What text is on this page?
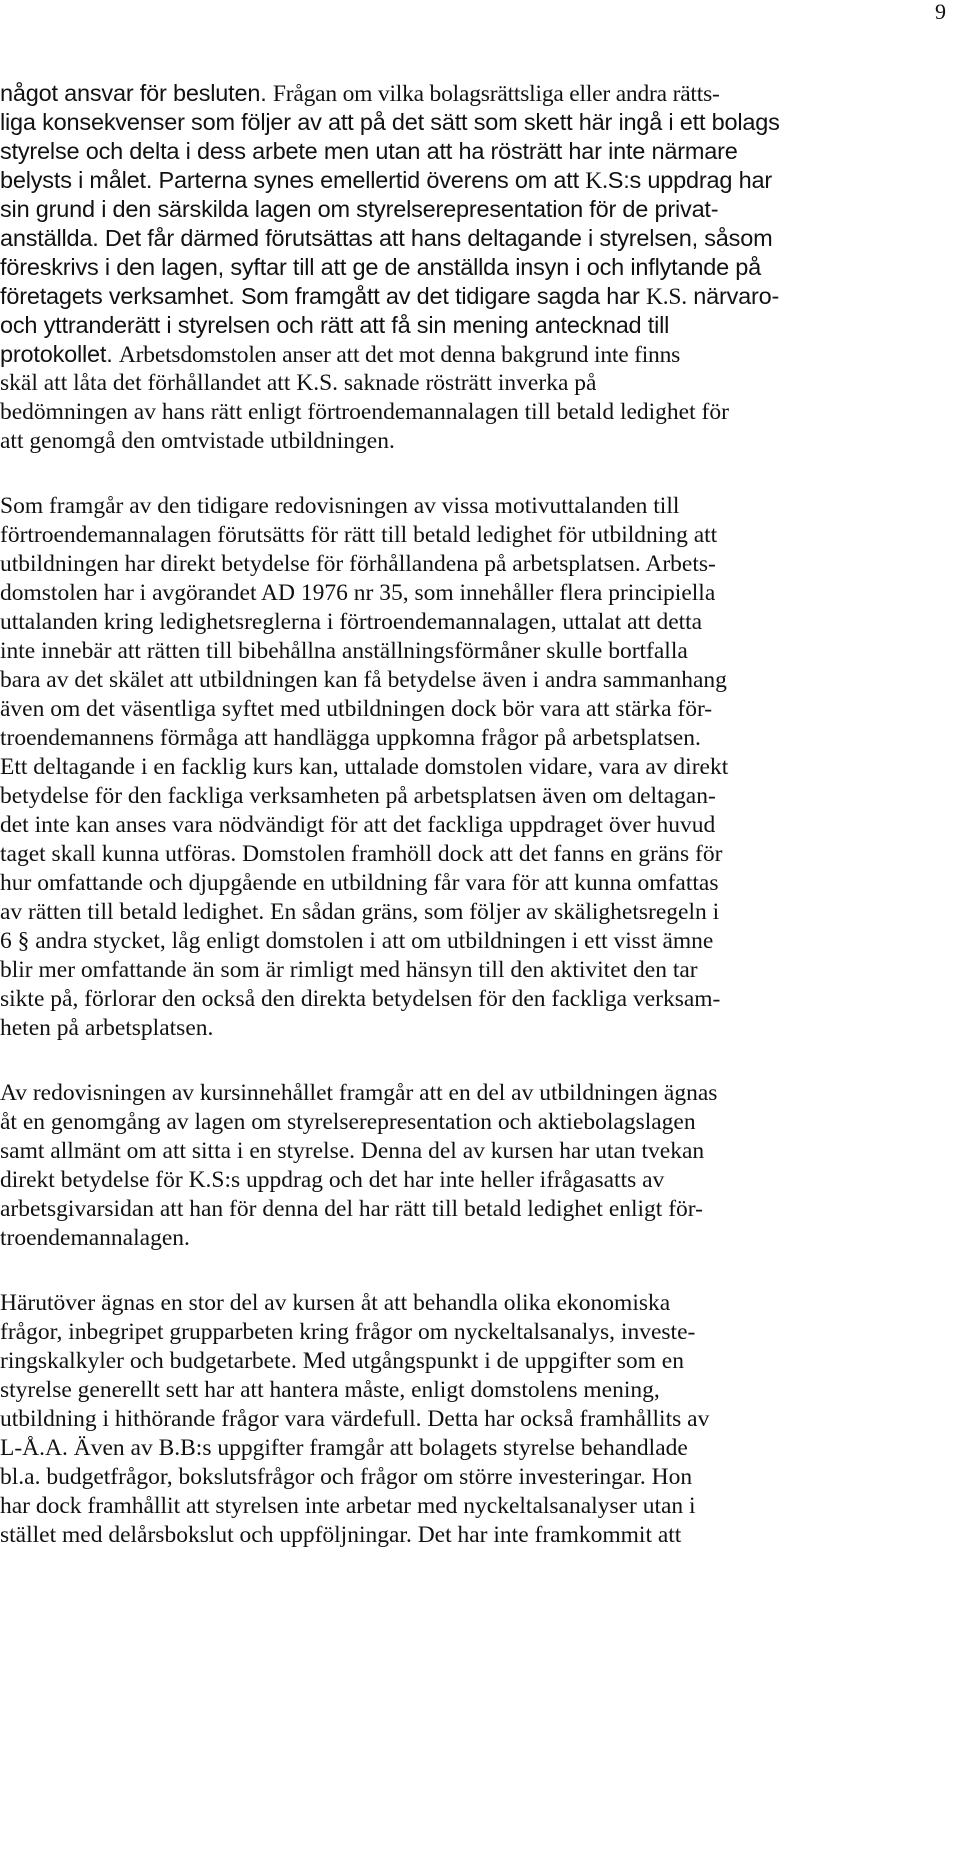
9
något ansvar för besluten. Frågan om vilka bolagsrättsliga eller andra rätts-
liga konsekvenser som följer av att på det sätt som skett här ingå i ett bolags
styrelse och delta i dess arbete men utan att ha rösträtt har inte närmare
belysts i målet. Parterna synes emellertid överens om att K.S:s uppdrag har
sin grund i den särskilda lagen om styrelserepresentation för de privat-
anställda. Det får därmed förutsättas att hans deltagande i styrelsen, såsom
föreskrivs i den lagen, syftar till att ge de anställda insyn i och inflytande på
företagets verksamhet. Som framgått av det tidigare sagda har K.S. närvaro-
och yttranderätt i styrelsen och rätt att få sin mening antecknad till
protokollet. Arbetsdomstolen anser att det mot denna bakgrund inte finns
skäl att låta det förhållandet att K.S. saknade rösträtt inverka på
bedömningen av hans rätt enligt förtroendemannalagen till betald ledighet för
att genomgå den omtvistade utbildningen.
Som framgår av den tidigare redovisningen av vissa motivuttalanden till
förtroendemannalagen förutsätts för rätt till betald ledighet för utbildning att
utbildningen har direkt betydelse för förhållandena på arbetsplatsen. Arbets-
domstolen har i avgörandet AD 1976 nr 35, som innehåller flera principiella
uttalanden kring ledighetsreglerna i förtroendemannalagen, uttalat att detta
inte innebär att rätten till bibehållna anställningsförmåner skulle bortfalla
bara av det skälet att utbildningen kan få betydelse även i andra sammanhang
även om det väsentliga syftet med utbildningen dock bör vara att stärka för-
troendemannens förmåga att handlägga uppkomna frågor på arbetsplatsen.
Ett deltagande i en facklig kurs kan, uttalade domstolen vidare, vara av direkt
betydelse för den fackliga verksamheten på arbetsplatsen även om deltagan-
det inte kan anses vara nödvändigt för att det fackliga uppdraget över huvud
taget skall kunna utföras. Domstolen framhöll dock att det fanns en gräns för
hur omfattande och djupgående en utbildning får vara för att kunna omfattas
av rätten till betald ledighet. En sådan gräns, som följer av skälighetsregeln i
6 § andra stycket, låg enligt domstolen i att om utbildningen i ett visst ämne
blir mer omfattande än som är rimligt med hänsyn till den aktivitet den tar
sikte på, förlorar den också den direkta betydelsen för den fackliga verksam-
heten på arbetsplatsen.
Av redovisningen av kursinnehållet framgår att en del av utbildningen ägnas
åt en genomgång av lagen om styrelserepresentation och aktiebolagslagen
samt allmänt om att sitta i en styrelse. Denna del av kursen har utan tvekan
direkt betydelse för K.S:s uppdrag och det har inte heller ifrågasatts av
arbetsgivarsidan att han för denna del har rätt till betald ledighet enligt för-
troendemannalagen.
Härutöver ägnas en stor del av kursen åt att behandla olika ekonomiska
frågor, inbegripet grupparbeten kring frågor om nyckeltalsanalys, investe-
ringskalkyler och budgetarbete. Med utgångspunkt i de uppgifter som en
styrelse generellt sett har att hantera måste, enligt domstolens mening,
utbildning i hithörande frågor vara värdefull. Detta har också framhållits av
L-Å.A. Även av B.B:s uppgifter framgår att bolagets styrelse behandlade
bl.a. budgetfrågor, bokslutsfrågor och frågor om större investeringar. Hon
har dock framhållit att styrelsen inte arbetar med nyckeltalsanalyser utan i
stället med delårsbokslut och uppföljningar. Det har inte framkommit att
